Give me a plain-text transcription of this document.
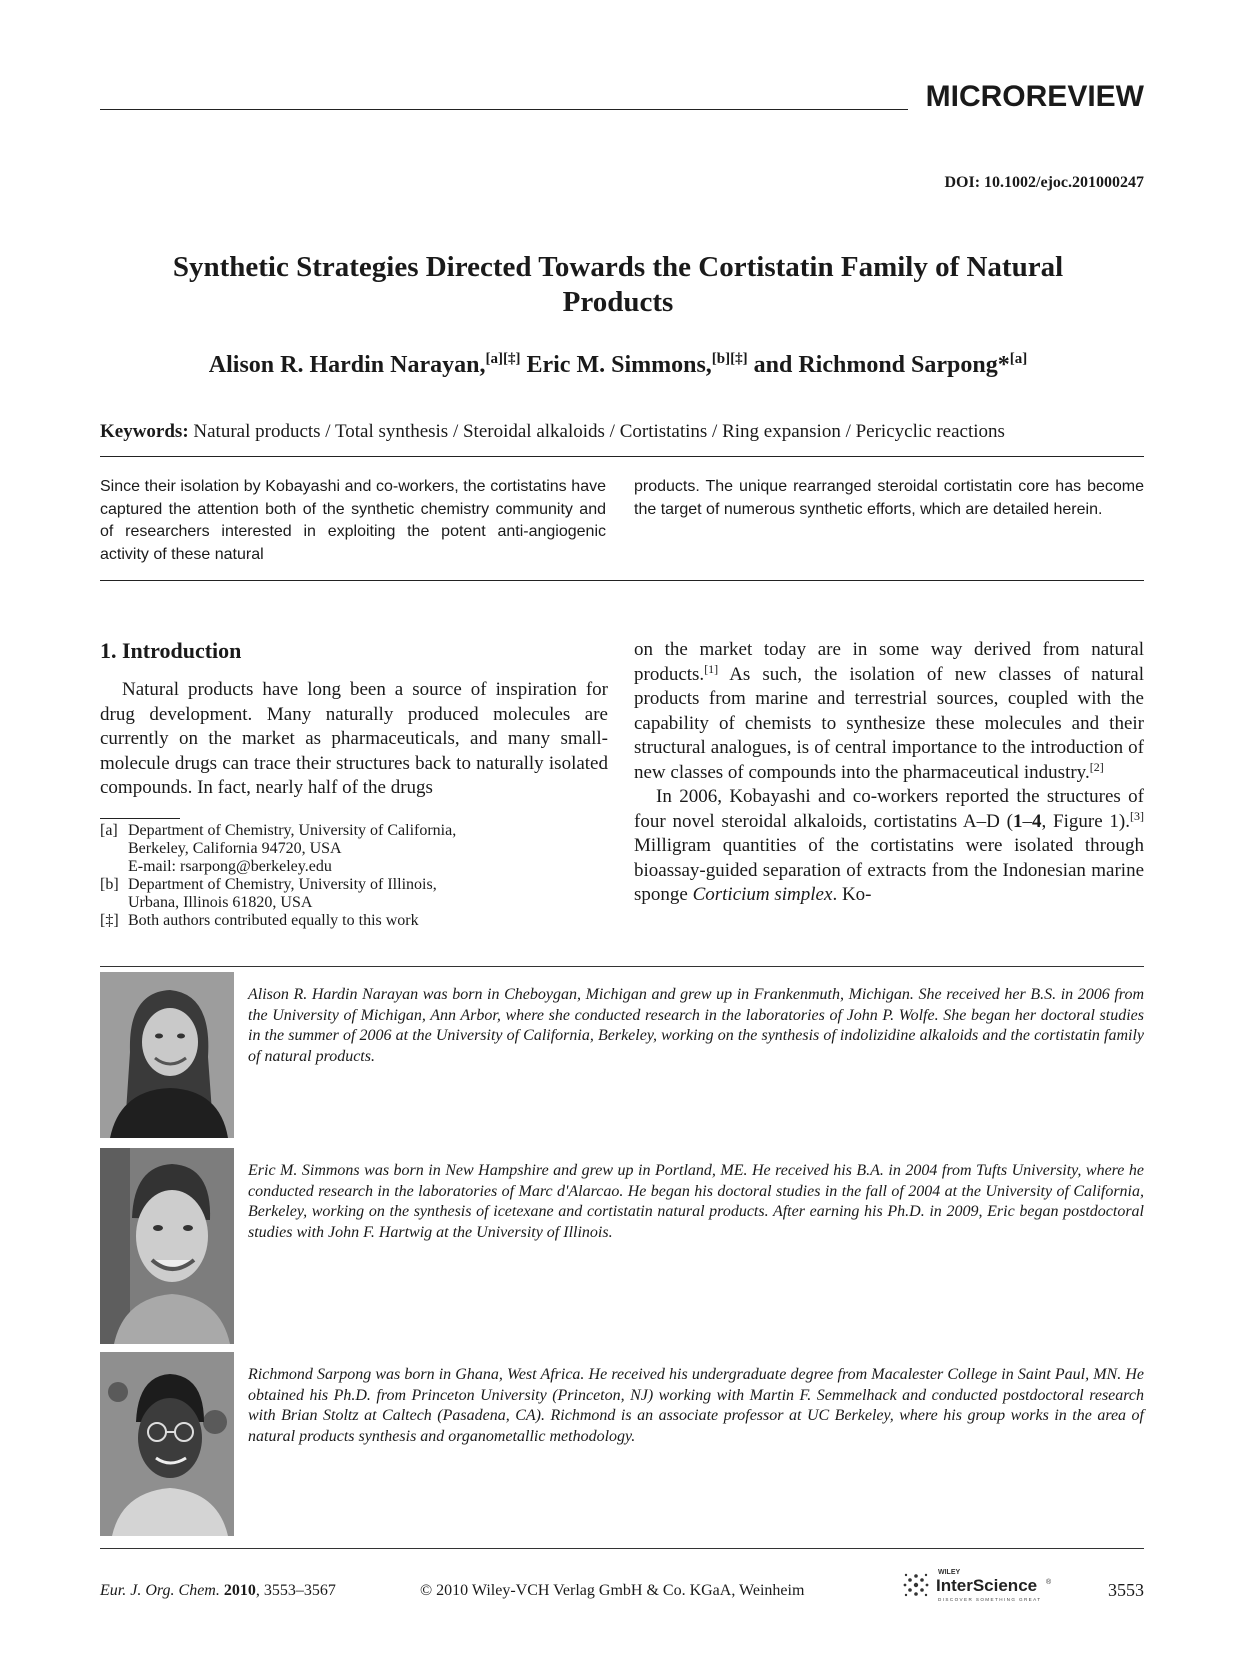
MICROREVIEW
DOI: 10.1002/ejoc.201000247
Synthetic Strategies Directed Towards the Cortistatin Family of Natural Products
Alison R. Hardin Narayan,[a][‡] Eric M. Simmons,[b][‡] and Richmond Sarpong*[a]
Keywords: Natural products / Total synthesis / Steroidal alkaloids / Cortistatins / Ring expansion / Pericyclic reactions
Since their isolation by Kobayashi and co-workers, the cortistatins have captured the attention both of the synthetic chemistry community and of researchers interested in exploiting the potent anti-angiogenic activity of these natural
products. The unique rearranged steroidal cortistatin core has become the target of numerous synthetic efforts, which are detailed herein.
1. Introduction

Natural products have long been a source of inspiration for drug development. Many naturally produced molecules are currently on the market as pharmaceuticals, and many small-molecule drugs can trace their structures back to naturally isolated compounds. In fact, nearly half of the drugs

on the market today are in some way derived from natural products.[1] As such, the isolation of new classes of natural products from marine and terrestrial sources, coupled with the capability of chemists to synthesize these molecules and their structural analogues, is of central importance to the introduction of new classes of compounds into the pharmaceutical industry.[2]

In 2006, Kobayashi and co-workers reported the structures of four novel steroidal alkaloids, cortistatins A–D (1–4, Figure 1).[3] Milligram quantities of the cortistatins were isolated through bioassay-guided separation of extracts from the Indonesian marine sponge Corticium simplex. Ko-

[a] Department of Chemistry, University of California,
Berkeley, California 94720, USA
E-mail: rsarpong@berkeley.edu
[b] Department of Chemistry, University of Illinois,
Urbana, Illinois 61820, USA
[‡] Both authors contributed equally to this work
Alison R. Hardin Narayan was born in Cheboygan, Michigan and grew up in Frankenmuth, Michigan. She received her B.S. in 2006 from the University of Michigan, Ann Arbor, where she conducted research in the laboratories of John P. Wolfe. She began her doctoral studies in the summer of 2006 at the University of California, Berkeley, working on the synthesis of indolizidine alkaloids and the cortistatin family of natural products.
Eric M. Simmons was born in New Hampshire and grew up in Portland, ME. He received his B.A. in 2004 from Tufts University, where he conducted research in the laboratories of Marc d'Alarcao. He began his doctoral studies in the fall of 2004 at the University of California, Berkeley, working on the synthesis of icetexane and cortistatin natural products. After earning his Ph.D. in 2009, Eric began postdoctoral studies with John F. Hartwig at the University of Illinois.
Richmond Sarpong was born in Ghana, West Africa. He received his undergraduate degree from Macalester College in Saint Paul, MN. He obtained his Ph.D. from Princeton University (Princeton, NJ) working with Martin F. Semmelhack and conducted postdoctoral research with Brian Stoltz at Caltech (Pasadena, CA). Richmond is an associate professor at UC Berkeley, where his group works in the area of natural products synthesis and organometallic methodology.
Eur. J. Org. Chem. 2010, 3553–3567	© 2010 Wiley-VCH Verlag GmbH & Co. KGaA, Weinheim
WILEY
InterScience ®
DISCOVER SOMETHING GREAT	3553
